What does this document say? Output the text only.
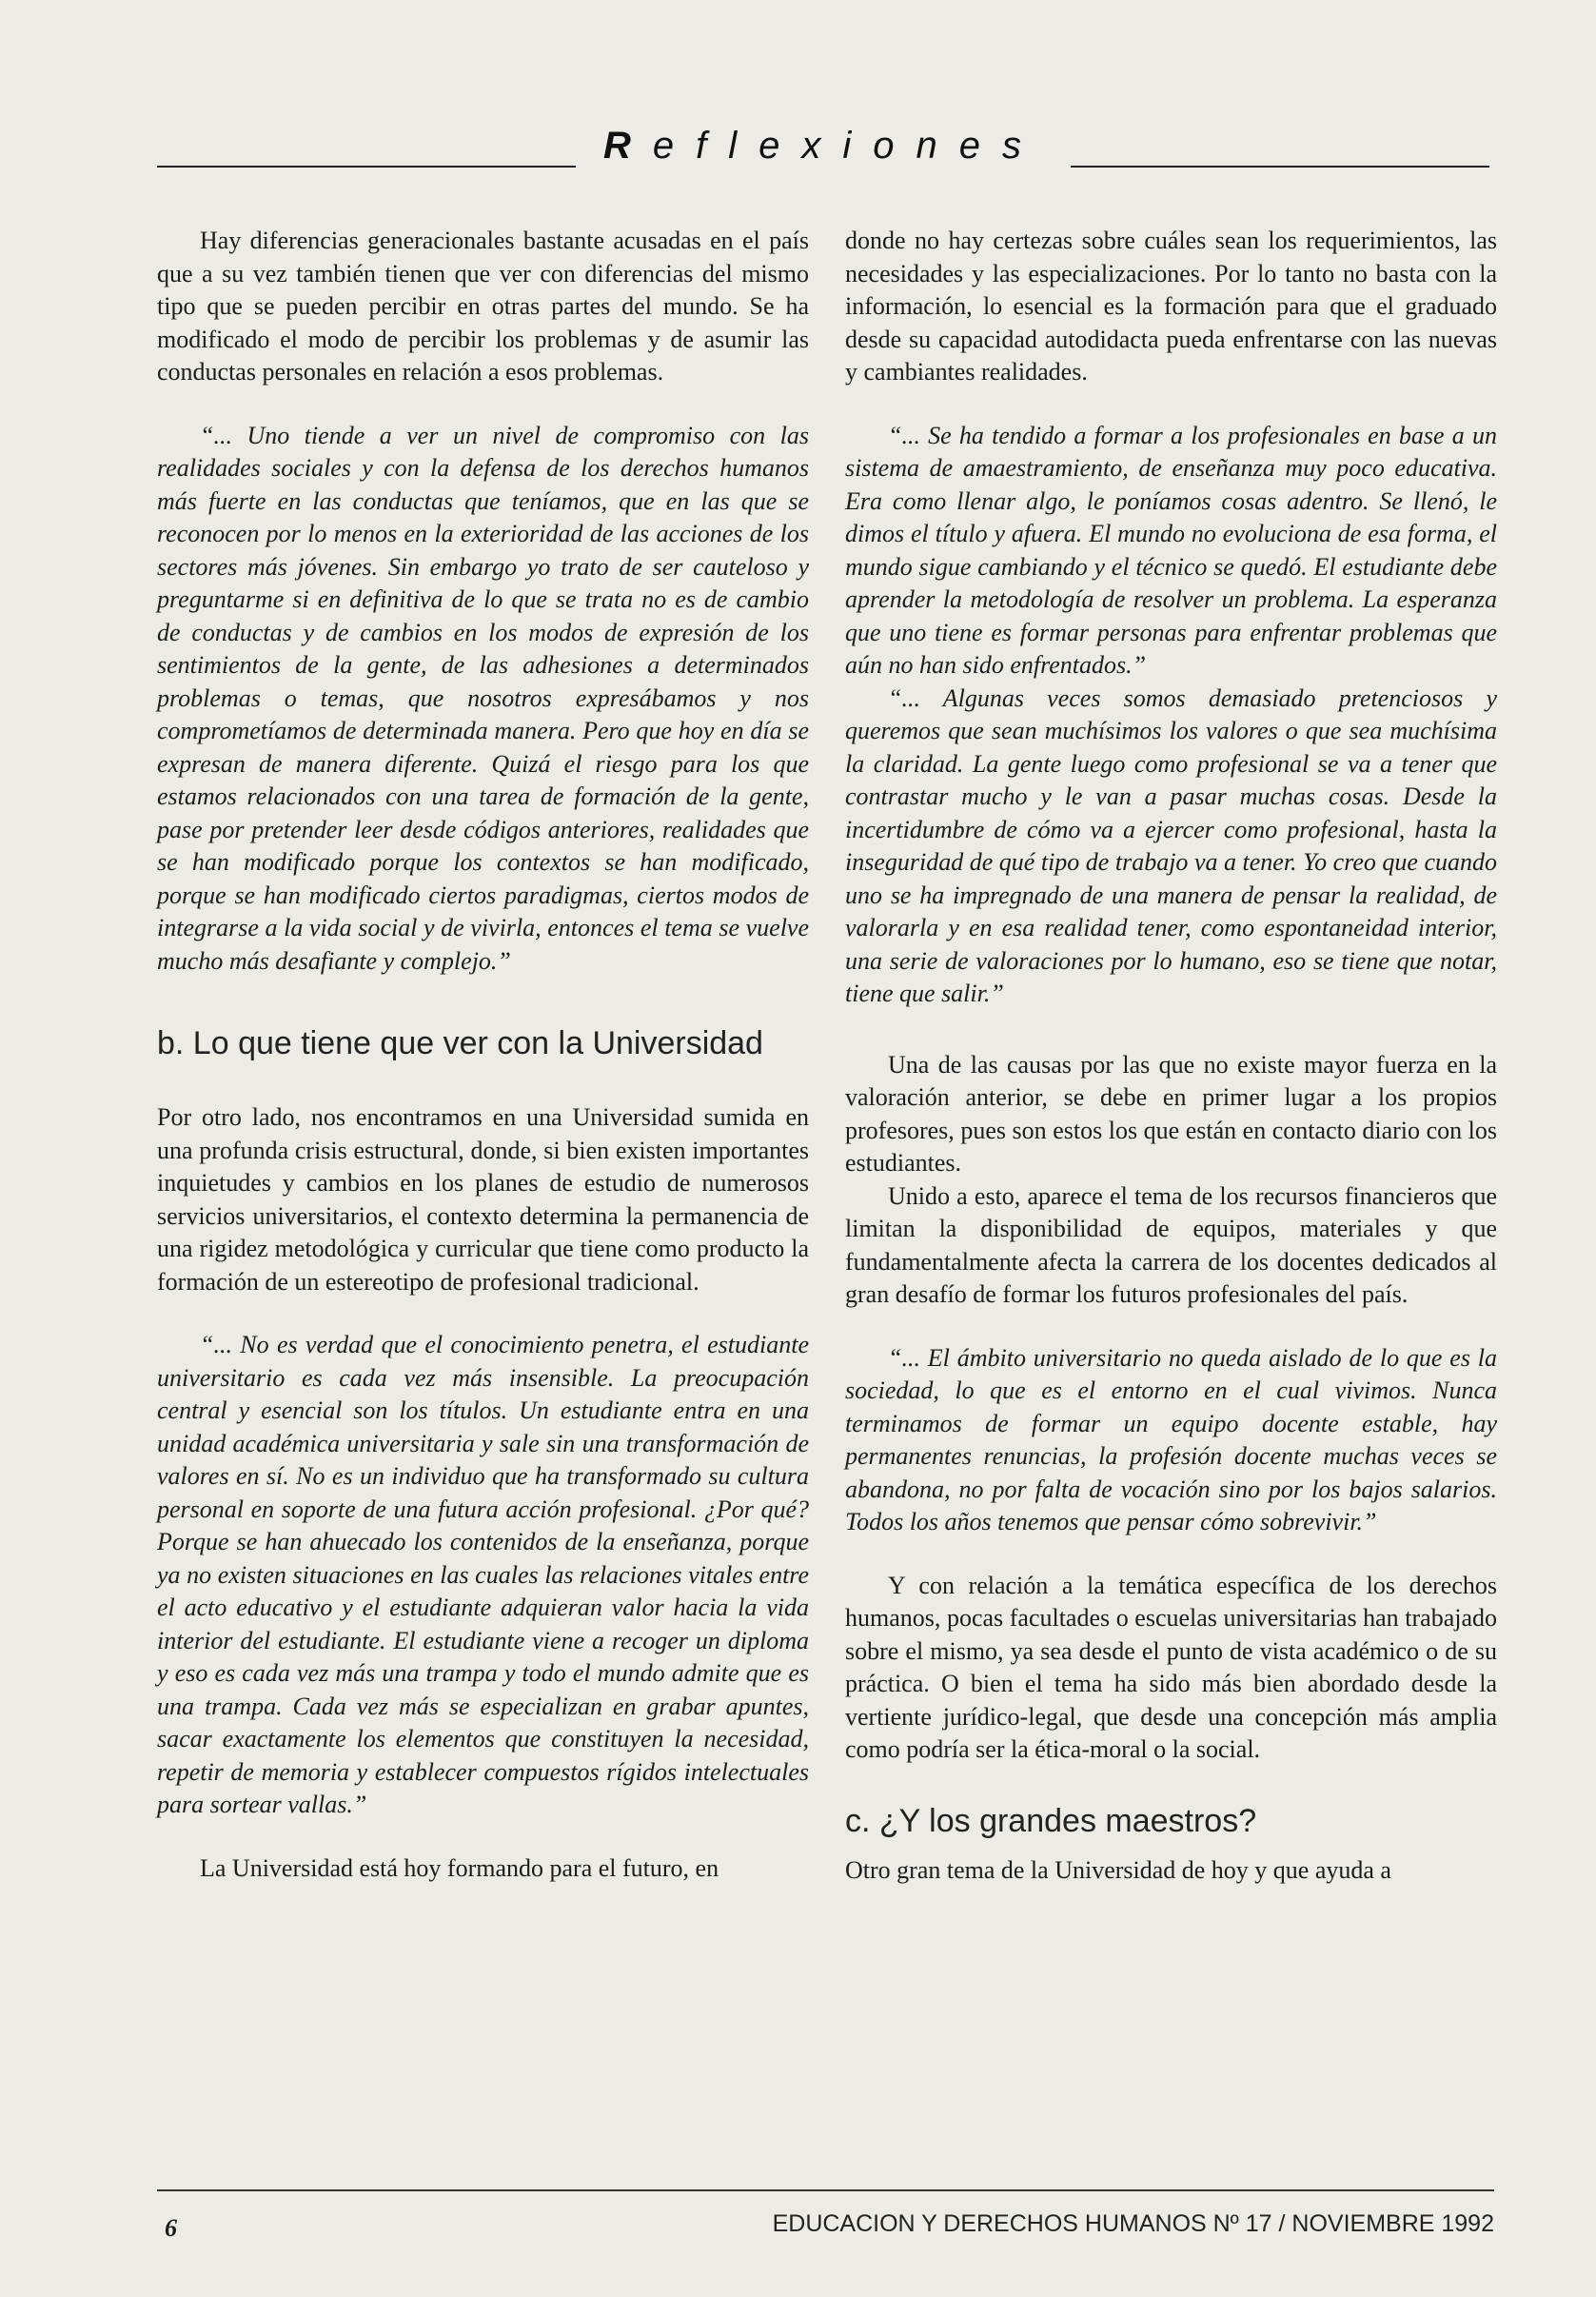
Reflexiones

Hay diferencias generacionales bastante acusadas en el país que a su vez también tienen que ver con diferencias del mismo tipo que se pueden percibir en otras partes del mundo. Se ha modificado el modo de percibir los problemas y de asumir las conductas personales en relación a esos problemas.

“... Uno tiende a ver un nivel de compromiso con las realidades sociales y con la defensa de los derechos humanos más fuerte en las conductas que teníamos, que en las que se reconocen por lo menos en la exterioridad de las acciones de los sectores más jóvenes. Sin embargo yo trato de ser cauteloso y preguntarme si en definitiva de lo que se trata no es de cambio de conductas y de cambios en los modos de expresión de los sentimientos de la gente, de las adhesiones a determinados problemas o temas, que nosotros expresábamos y nos comprometíamos de determinada manera. Pero que hoy en día se expresan de manera diferente. Quizá el riesgo para los que estamos relacionados con una tarea de formación de la gente, pase por pretender leer desde códigos anteriores, realidades que se han modificado porque los contextos se han modificado, porque se han modificado ciertos paradigmas, ciertos modos de integrarse a la vida social y de vivirla, entonces el tema se vuelve mucho más desafiante y complejo.”

b. Lo que tiene que ver con la Universidad

Por otro lado, nos encontramos en una Universidad sumida en una profunda crisis estructural, donde, si bien existen importantes inquietudes y cambios en los planes de estudio de numerosos servicios universitarios, el contexto determina la permanencia de una rigidez metodológica y curricular que tiene como producto la formación de un estereotipo de profesional tradicional.

“... No es verdad que el conocimiento penetra, el estudiante universitario es cada vez más insensible. La preocupación central y esencial son los títulos. Un estudiante entra en una unidad académica universitaria y sale sin una transformación de valores en sí. No es un individuo que ha transformado su cultura personal en soporte de una futura acción profesional. ¿Por qué? Porque se han ahuecado los contenidos de la enseñanza, porque ya no existen situaciones en las cuales las relaciones vitales entre el acto educativo y el estudiante adquieran valor hacia la vida interior del estudiante. El estudiante viene a recoger un diploma y eso es cada vez más una trampa y todo el mundo admite que es una trampa. Cada vez más se especializan en grabar apuntes, sacar exactamente los elementos que constituyen la necesidad, repetir de memoria y establecer compuestos rígidos intelectuales para sortear vallas.”

La Universidad está hoy formando para el futuro, en

donde no hay certezas sobre cuáles sean los requerimientos, las necesidades y las especializaciones. Por lo tanto no basta con la información, lo esencial es la formación para que el graduado desde su capacidad autodidacta pueda enfrentarse con las nuevas y cambiantes realidades.

“... Se ha tendido a formar a los profesionales en base a un sistema de amaestramiento, de enseñanza muy poco educativa. Era como llenar algo, le poníamos cosas adentro. Se llenó, le dimos el título y afuera. El mundo no evoluciona de esa forma, el mundo sigue cambiando y el técnico se quedó. El estudiante debe aprender la metodología de resolver un problema. La esperanza que uno tiene es formar personas para enfrentar problemas que aún no han sido enfrentados.”

“... Algunas veces somos demasiado pretenciosos y queremos que sean muchísimos los valores o que sea muchísima la claridad. La gente luego como profesional se va a tener que contrastar mucho y le van a pasar muchas cosas. Desde la incertidumbre de cómo va a ejercer como profesional, hasta la inseguridad de qué tipo de trabajo va a tener. Yo creo que cuando uno se ha impregnado de una manera de pensar la realidad, de valorarla y en esa realidad tener, como espontaneidad interior, una serie de valoraciones por lo humano, eso se tiene que notar, tiene que salir.”

Una de las causas por las que no existe mayor fuerza en la valoración anterior, se debe en primer lugar a los propios profesores, pues son estos los que están en contacto diario con los estudiantes.

Unido a esto, aparece el tema de los recursos financieros que limitan la disponibilidad de equipos, materiales y que fundamentalmente afecta la carrera de los docentes dedicados al gran desafío de formar los futuros profesionales del país.

“... El ámbito universitario no queda aislado de lo que es la sociedad, lo que es el entorno en el cual vivimos. Nunca terminamos de formar un equipo docente estable, hay permanentes renuncias, la profesión docente muchas veces se abandona, no por falta de vocación sino por los bajos salarios. Todos los años tenemos que pensar cómo sobrevivir.”

Y con relación a la temática específica de los derechos humanos, pocas facultades o escuelas universitarias han trabajado sobre el mismo, ya sea desde el punto de vista académico o de su práctica. O bien el tema ha sido más bien abordado desde la vertiente jurídico-legal, que desde una concepción más amplia como podría ser la ética-moral o la social.

c. ¿Y los grandes maestros?

Otro gran tema de la Universidad de hoy y que ayuda a

6	EDUCACION Y DERECHOS HUMANOS Nº 17 / NOVIEMBRE 1992
